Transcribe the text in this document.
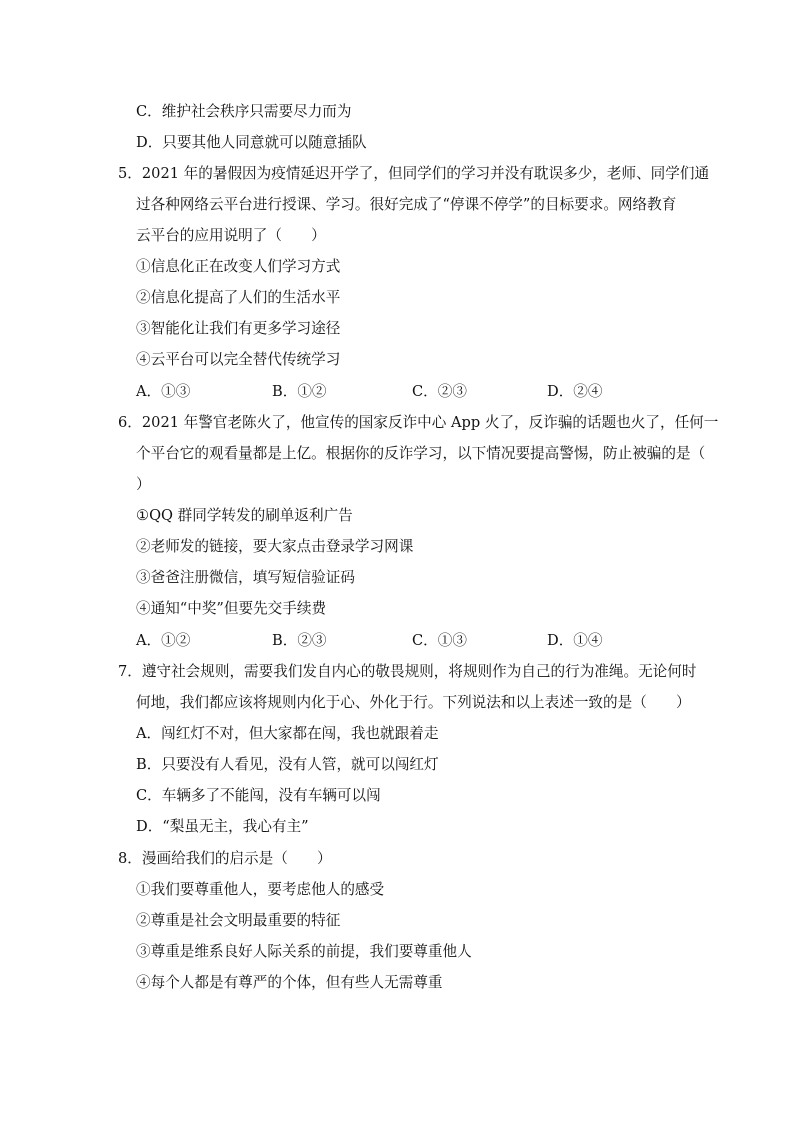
C．维护社会秩序只需要尽力而为
D．只要其他人同意就可以随意插队
5．2021 年的暑假因为疫情延迟开学了，但同学们的学习并没有耽误多少，老师、同学们通
过各种网络云平台进行授课、学习。很好完成了“停课不停学”的目标要求。网络教育
云平台的应用说明了（　　）
①信息化正在改变人们学习方式
②信息化提高了人们的生活水平
③智能化让我们有更多学习途径
④云平台可以完全替代传统学习
A．①③	B．①②	C．②③	D．②④
6．2021 年警官老陈火了，他宣传的国家反诈中心 App 火了，反诈骗的话题也火了，任何一
个平台它的观看量都是上亿。根据你的反诈学习，以下情况要提高警惕，防止被骗的是（
）
①QQ 群同学转发的刷单返利广告
②老师发的链接，要大家点击登录学习网课
③爸爸注册微信，填写短信验证码
④通知“中奖”但要先交手续费
A．①②	B．②③	C．①③	D．①④
7．遵守社会规则，需要我们发自内心的敬畏规则，将规则作为自己的行为准绳。无论何时
何地，我们都应该将规则内化于心、外化于行。下列说法和以上表述一致的是（　　）
A．闯红灯不对，但大家都在闯，我也就跟着走
B．只要没有人看见，没有人管，就可以闯红灯
C．车辆多了不能闯，没有车辆可以闯
D．“梨虽无主，我心有主”
8．漫画给我们的启示是（　　）
①我们要尊重他人，要考虑他人的感受
②尊重是社会文明最重要的特征
③尊重是维系良好人际关系的前提，我们要尊重他人
④每个人都是有尊严的个体，但有些人无需尊重
